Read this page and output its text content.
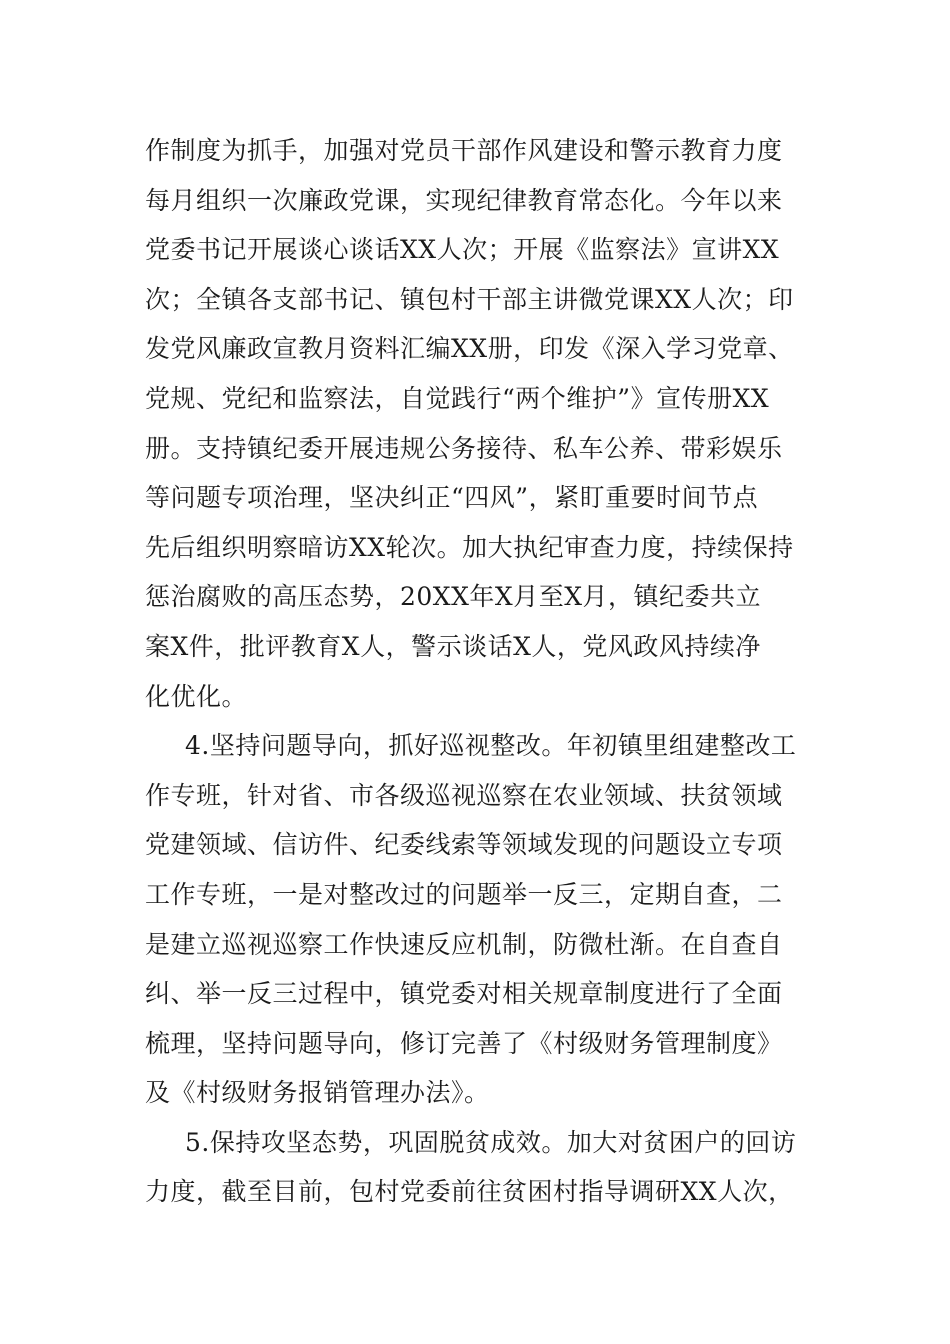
作制度为抓手，加强对党员干部作风建设和警示教育力度
每月组织一次廉政党课，实现纪律教育常态化。今年以来
党委书记开展谈心谈话XX人次；开展《监察法》宣讲XX
次；全镇各支部书记、镇包村干部主讲微党课XX人次；印
发党风廉政宣教月资料汇编XX册，印发《深入学习党章、
党规、党纪和监察法，自觉践行“两个维护”》宣传册XX
册。支持镇纪委开展违规公务接待、私车公养、带彩娱乐
等问题专项治理，坚决纠正“四风”，紧盯重要时间节点
先后组织明察暗访XX轮次。加大执纪审查力度，持续保持
惩治腐败的高压态势，20XX年X月至X月，镇纪委共立
案X件，批评教育X人，警示谈话X人，党风政风持续净
化优化。
4.坚持问题导向，抓好巡视整改。年初镇里组建整改工
作专班，针对省、市各级巡视巡察在农业领域、扶贫领域
党建领域、信访件、纪委线索等领域发现的问题设立专项
工作专班，一是对整改过的问题举一反三，定期自查，二
是建立巡视巡察工作快速反应机制，防微杜渐。在自查自
纠、举一反三过程中，镇党委对相关规章制度进行了全面
梳理，坚持问题导向，修订完善了《村级财务管理制度》
及《村级财务报销管理办法》。
5.保持攻坚态势，巩固脱贫成效。加大对贫困户的回访
力度，截至目前，包村党委前往贫困村指导调研XX人次，
